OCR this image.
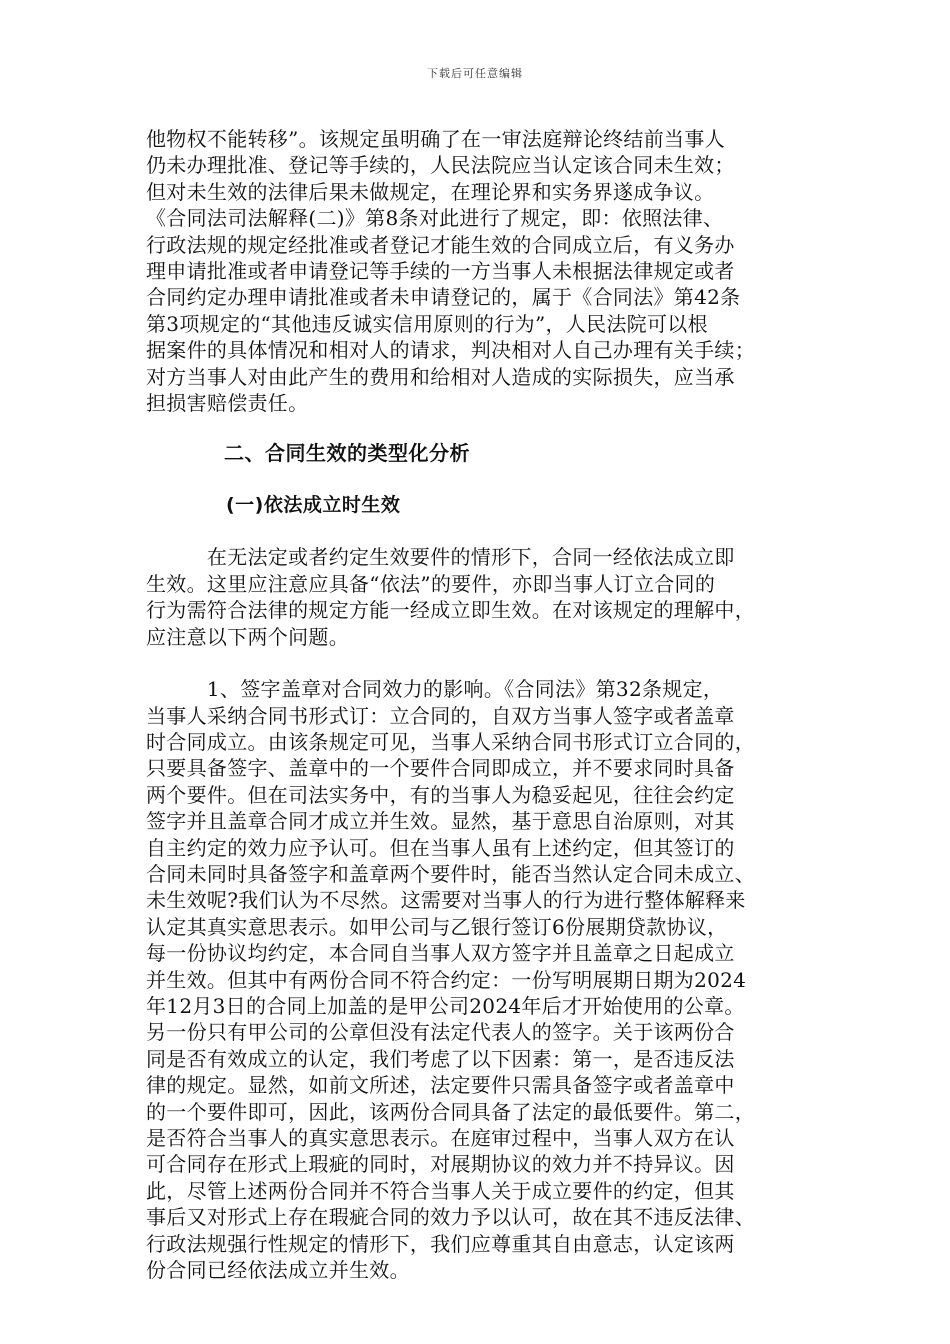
下载后可任意编辑
他物权不能转移”。该规定虽明确了在一审法庭辩论终结前当事人
仍未办理批准、登记等手续的，人民法院应当认定该合同未生效；
但对未生效的法律后果未做规定，在理论界和实务界遂成争议。
《合同法司法解释(二)》第8条对此进行了规定，即：依照法律、
行政法规的规定经批准或者登记才能生效的合同成立后，有义务办
理申请批准或者申请登记等手续的一方当事人未根据法律规定或者
合同约定办理申请批准或者未申请登记的，属于《合同法》第42条
第3项规定的“其他违反诚实信用原则的行为”，人民法院可以根
据案件的具体情况和相对人的请求，判决相对人自己办理有关手续；
对方当事人对由此产生的费用和给相对人造成的实际损失，应当承
担损害赔偿责任。
二、合同生效的类型化分析
(一)依法成立时生效
　　　在无法定或者约定生效要件的情形下，合同一经依法成立即
生效。这里应注意应具备“依法”的要件，亦即当事人订立合同的
行为需符合法律的规定方能一经成立即生效。在对该规定的理解中，
应注意以下两个问题。
　　　1、签字盖章对合同效力的影响。《合同法》第32条规定，
当事人采纳合同书形式订：立合同的，自双方当事人签字或者盖章
时合同成立。由该条规定可见，当事人采纳合同书形式订立合同的，
只要具备签字、盖章中的一个要件合同即成立，并不要求同时具备
两个要件。但在司法实务中，有的当事人为稳妥起见，往往会约定
签字并且盖章合同才成立并生效。显然，基于意思自治原则，对其
自主约定的效力应予认可。但在当事人虽有上述约定，但其签订的
合同未同时具备签字和盖章两个要件时，能否当然认定合同未成立、
未生效呢?我们认为不尽然。这需要对当事人的行为进行整体解释来
认定其真实意思表示。如甲公司与乙银行签订6份展期贷款协议，
每一份协议均约定，本合同自当事人双方签字并且盖章之日起成立
并生效。但其中有两份合同不符合约定：一份写明展期日期为2024
年12月3日的合同上加盖的是甲公司2024年后才开始使用的公章。
另一份只有甲公司的公章但没有法定代表人的签字。关于该两份合
同是否有效成立的认定，我们考虑了以下因素：第一，是否违反法
律的规定。显然，如前文所述，法定要件只需具备签字或者盖章中
的一个要件即可，因此，该两份合同具备了法定的最低要件。第二，
是否符合当事人的真实意思表示。在庭审过程中，当事人双方在认
可合同存在形式上瑕疵的同时，对展期协议的效力并不持异议。因
此，尽管上述两份合同并不符合当事人关于成立要件的约定，但其
事后又对形式上存在瑕疵合同的效力予以认可，故在其不违反法律、
行政法规强行性规定的情形下，我们应尊重其自由意志，认定该两
份合同已经依法成立并生效。
